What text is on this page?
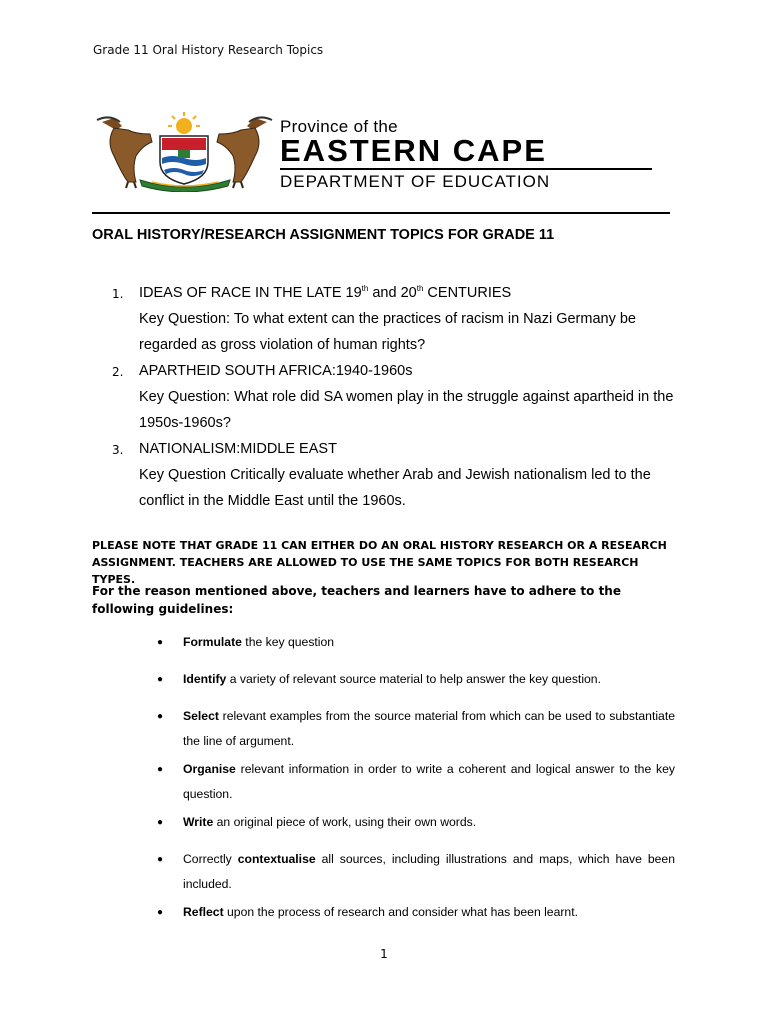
Grade 11 Oral History Research Topics
Province of the
EASTERN CAPE
DEPARTMENT OF EDUCATION
ORAL HISTORY/RESEARCH ASSIGNMENT TOPICS FOR GRADE 11
1.	IDEAS OF RACE IN THE LATE 19th and 20th CENTURIES
Key Question: To what extent can the practices of racism in Nazi Germany be regarded as gross violation of human rights?
2.	APARTHEID SOUTH AFRICA:1940-1960s
Key Question: What role did SA women play in the struggle against apartheid in the 1950s-1960s?
3.	NATIONALISM:MIDDLE EAST
Key Question Critically evaluate whether Arab and Jewish nationalism led to the conflict in the Middle East until the 1960s.
PLEASE NOTE THAT GRADE 11 CAN EITHER DO AN ORAL HISTORY RESEARCH OR A RESEARCH ASSIGNMENT. TEACHERS ARE ALLOWED TO USE THE SAME TOPICS FOR BOTH RESEARCH TYPES.
For the reason mentioned above, teachers and learners have to adhere to the following guidelines:
●	Formulate the key question
●	Identify a variety of relevant source material to help answer the key question.
●	Select relevant examples from the source material from which can be used to substantiate the line of argument.
●	Organise relevant information in order to write a coherent and logical answer to the key question.
●	Write an original piece of work, using their own words.
●	Correctly contextualise all sources, including illustrations and maps, which have been included.
●	Reflect upon the process of research and consider what has been learnt.
1
